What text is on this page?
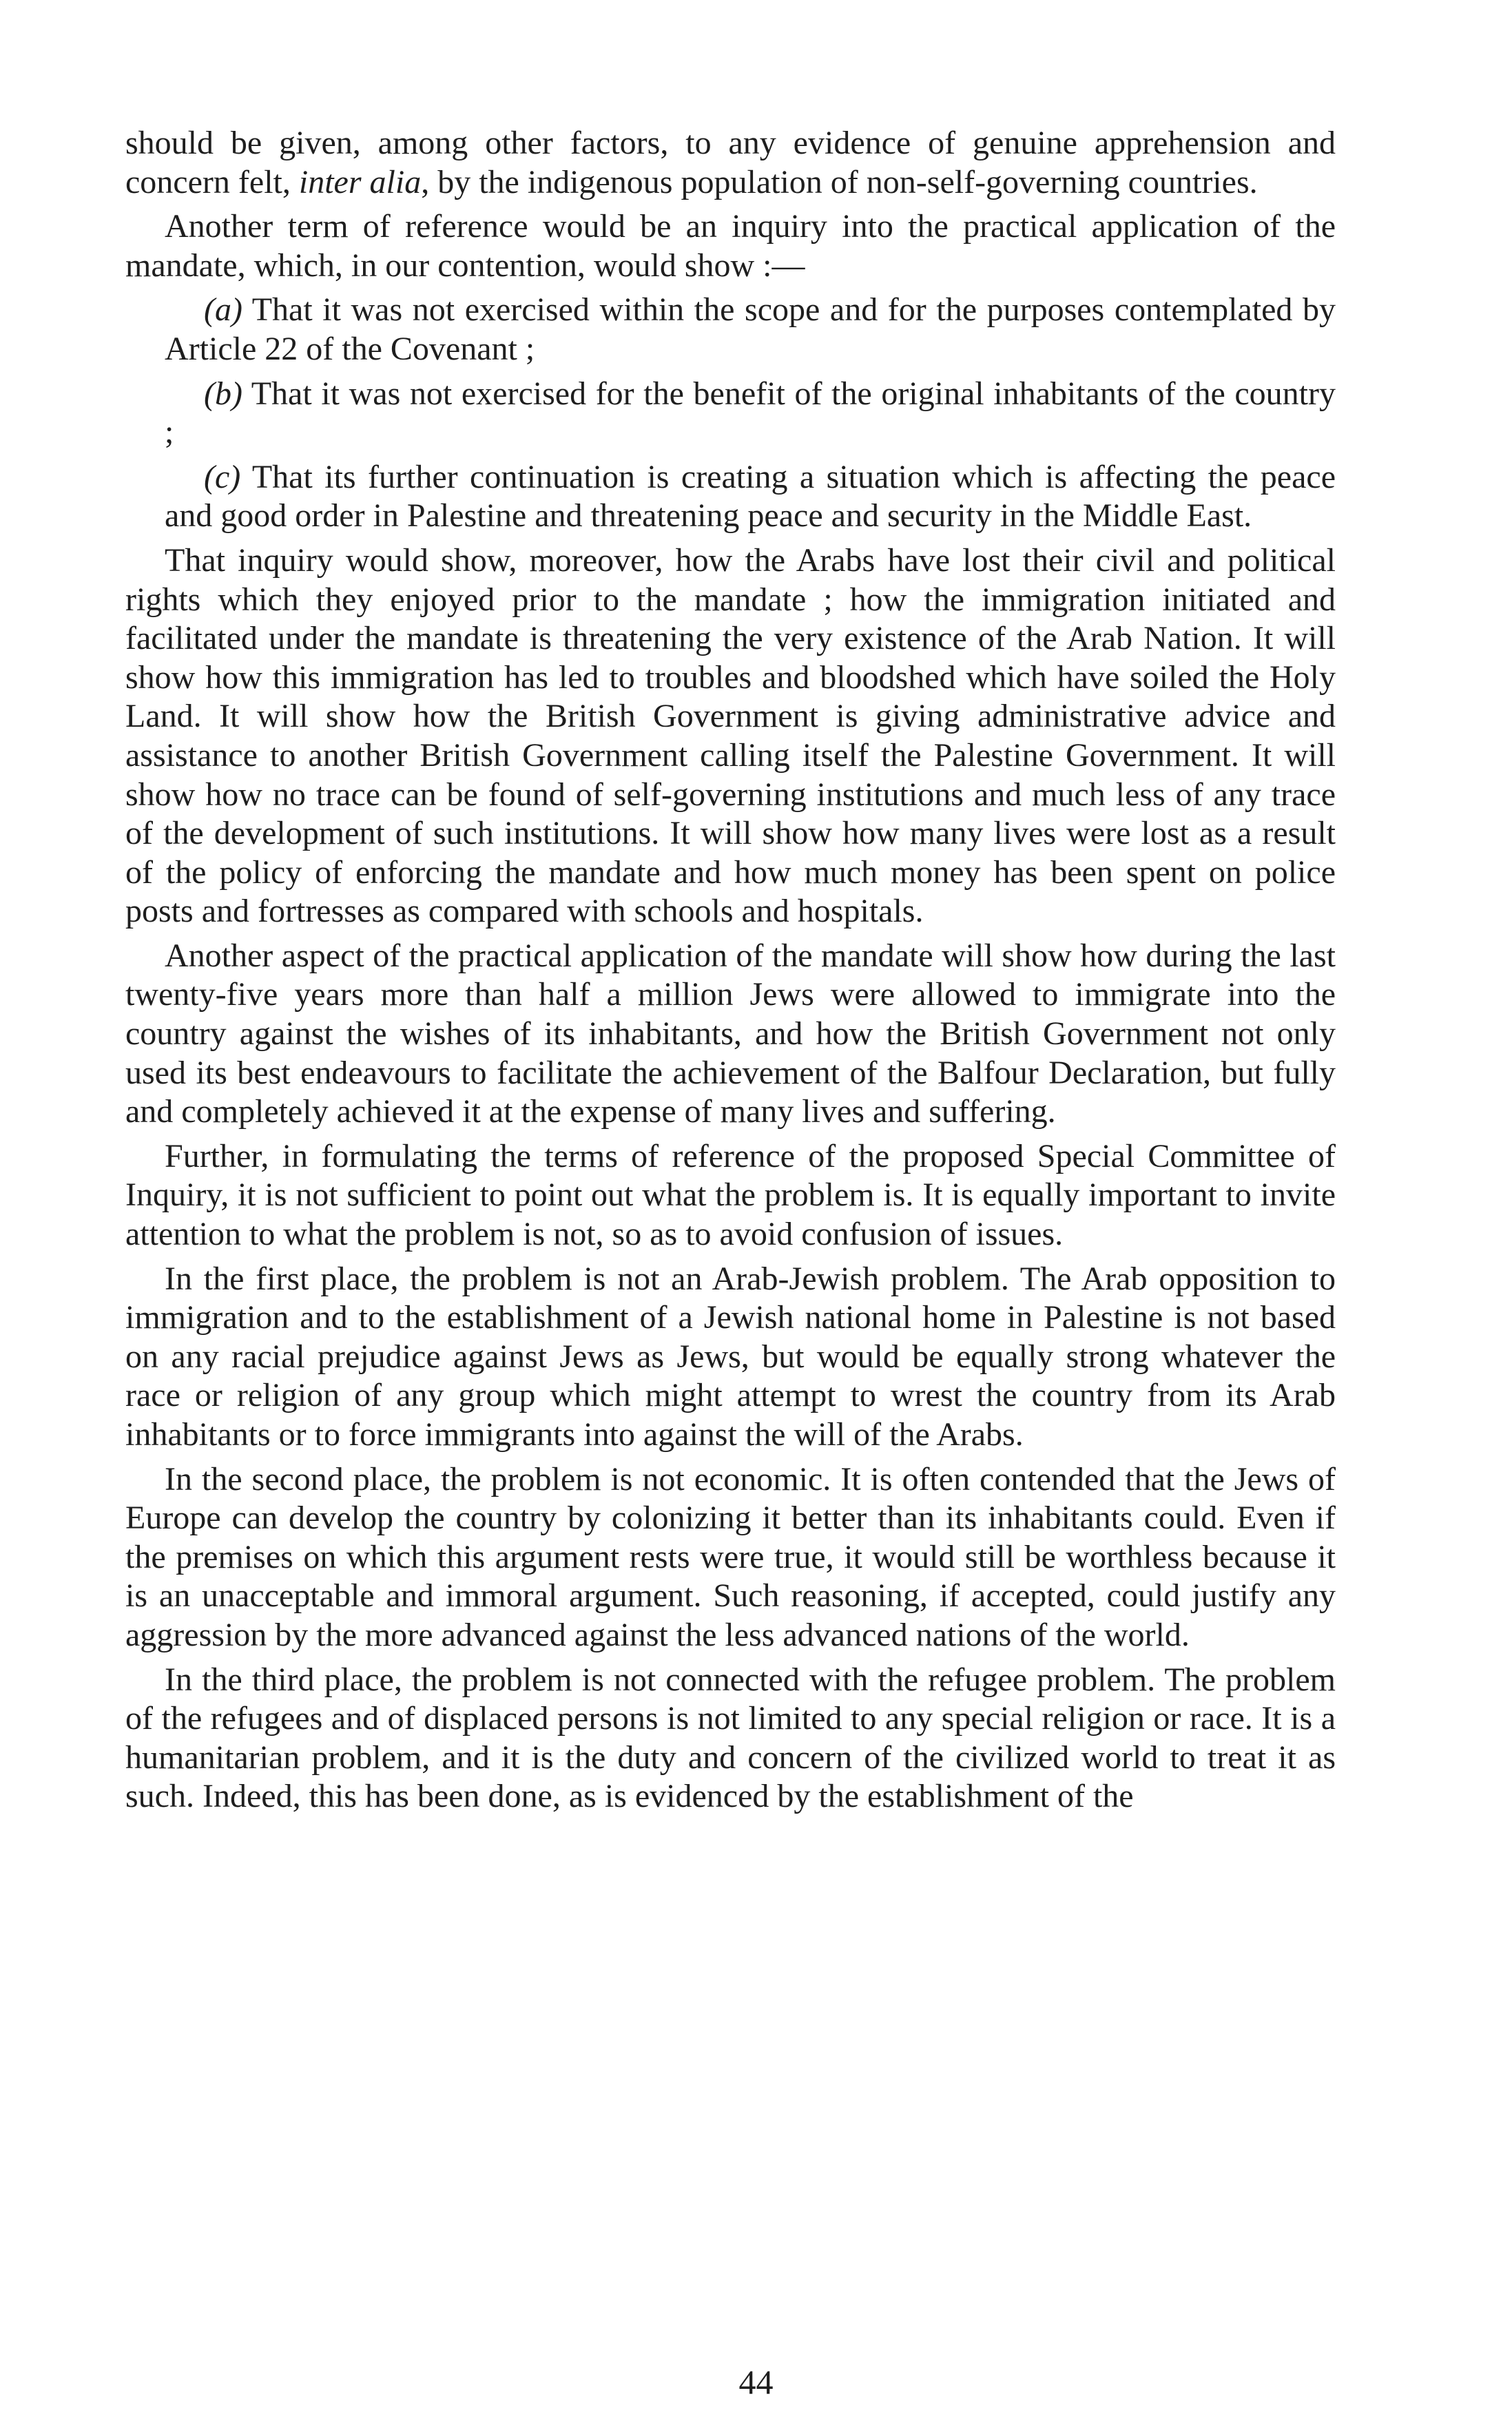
should be given, among other factors, to any evidence of genuine apprehension and concern felt, inter alia, by the indigenous population of non-self-governing countries.

Another term of reference would be an inquiry into the practical application of the mandate, which, in our contention, would show :—

(a) That it was not exercised within the scope and for the purposes contemplated by Article 22 of the Covenant ;

(b) That it was not exercised for the benefit of the original inhabitants of the country ;

(c) That its further continuation is creating a situation which is affecting the peace and good order in Palestine and threatening peace and security in the Middle East.

That inquiry would show, moreover, how the Arabs have lost their civil and political rights which they enjoyed prior to the mandate ; how the immigration initiated and facilitated under the mandate is threatening the very existence of the Arab Nation. It will show how this immigration has led to troubles and bloodshed which have soiled the Holy Land. It will show how the British Government is giving administrative advice and assistance to another British Government calling itself the Palestine Government. It will show how no trace can be found of self-governing institutions and much less of any trace of the development of such institutions. It will show how many lives were lost as a result of the policy of enforcing the mandate and how much money has been spent on police posts and fortresses as compared with schools and hospitals.

Another aspect of the practical application of the mandate will show how during the last twenty-five years more than half a million Jews were allowed to immigrate into the country against the wishes of its inhabitants, and how the British Government not only used its best endeavours to facilitate the achievement of the Balfour Declaration, but fully and completely achieved it at the expense of many lives and suffering.

Further, in formulating the terms of reference of the proposed Special Committee of Inquiry, it is not sufficient to point out what the problem is. It is equally important to invite attention to what the problem is not, so as to avoid confusion of issues.

In the first place, the problem is not an Arab-Jewish problem. The Arab opposition to immigration and to the establishment of a Jewish national home in Palestine is not based on any racial prejudice against Jews as Jews, but would be equally strong whatever the race or religion of any group which might attempt to wrest the country from its Arab inhabitants or to force immigrants into against the will of the Arabs.

In the second place, the problem is not economic. It is often contended that the Jews of Europe can develop the country by colonizing it better than its inhabitants could. Even if the premises on which this argument rests were true, it would still be worthless because it is an unacceptable and immoral argument. Such reasoning, if accepted, could justify any aggression by the more advanced against the less advanced nations of the world.

In the third place, the problem is not connected with the refugee problem. The problem of the refugees and of displaced persons is not limited to any special religion or race. It is a humanitarian problem, and it is the duty and concern of the civilized world to treat it as such. Indeed, this has been done, as is evidenced by the establishment of the

44
